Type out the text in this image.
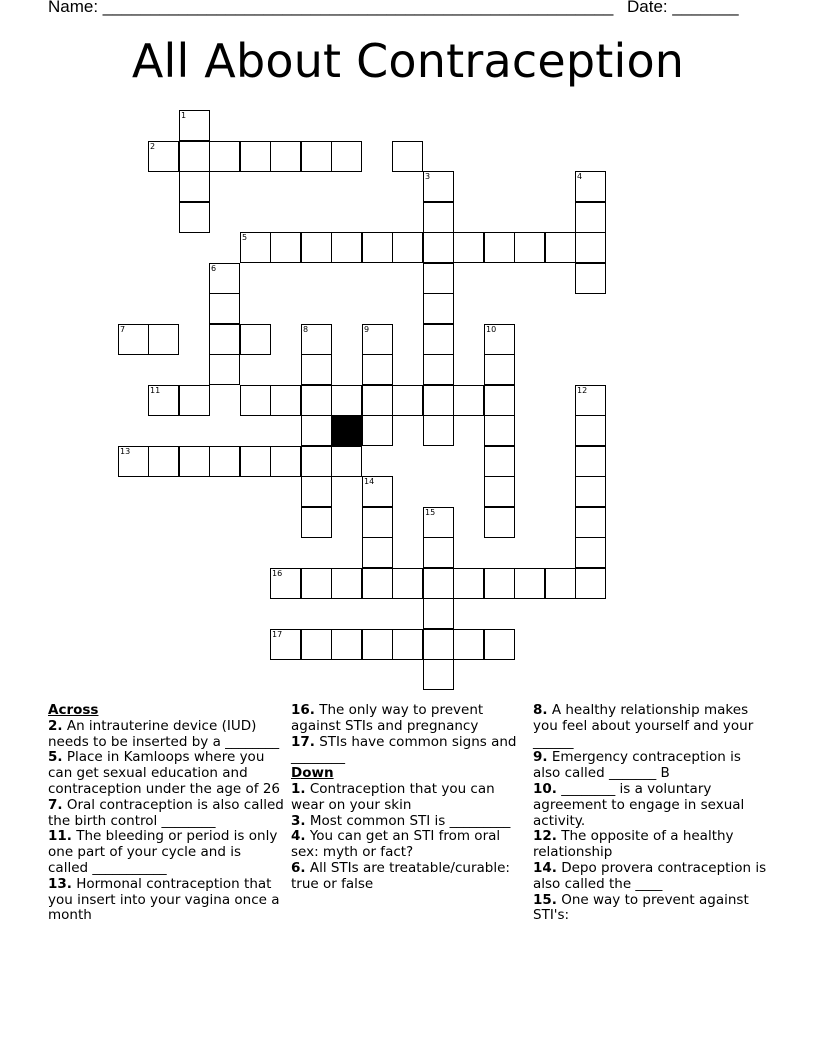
Name: ______________________________________________________ Date: _______
All About Contraception
1
2
3	4
5
6
7	8	9	10
11	12
13
14
15
16
17
Across
2. An intrauterine device (IUD) needs to be inserted by a ________
5. Place in Kamloops where you can get sexual education and contraception under the age of 26
7. Oral contraception is also called the birth control ________
11. The bleeding or period is only one part of your cycle and is called ___________
13. Hormonal contraception that you insert into your vagina once a month
16. The only way to prevent against STIs and pregnancy
17. STIs have common signs and ________
Down
1. Contraception that you can wear on your skin
3. Most common STI is _________
4. You can get an STI from oral sex: myth or fact?
6. All STIs are treatable/curable: true or false
8. A healthy relationship makes you feel about yourself and your ______
9. Emergency contraception is also called _______ B
10. ________ is a voluntary agreement to engage in sexual activity.
12. The opposite of a healthy relationship
14. Depo provera contraception is also called the ____
15. One way to prevent against STI's:
